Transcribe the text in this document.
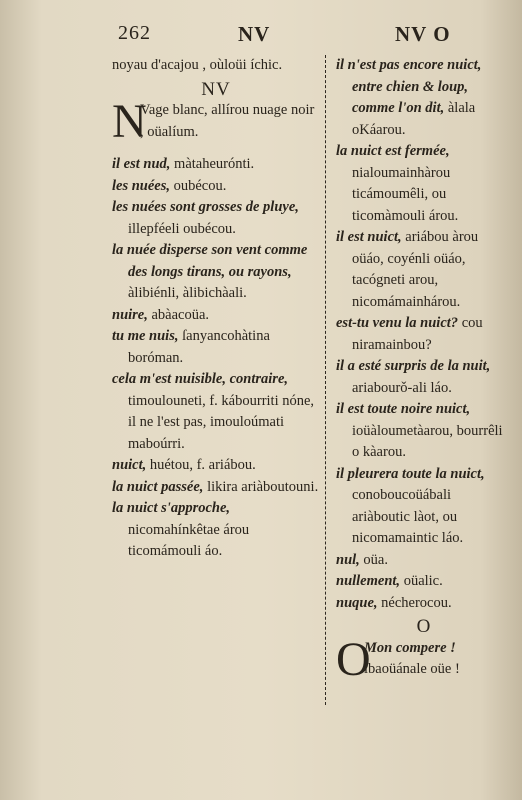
262	NV	NV O

noyau d'acajou , oùloüi íchic.

NV

N
Vage blanc, allírou nuage noir , oüalíum.

il est nud, màtaheurónti.

les nuées, oubécou.

les nuées sont grosses de pluye, illepféeli oubécou.

la nuée disperse son vent comme des longs tirans, ou rayons, àlibiénli, àlibichàali.

nuire, abàacoüa.

tu me nuis, ſanyancohàtina boróman.

cela m'est nuisible, contraire, timoulouneti, f. kábourriti nóne, il ne l'est pas, imouloúmati maboúrri.

nuict, huétou, f. ariábou.

la nuict passée, likira ariàboutouni.

la nuict s'approche, nicomahínkêtae árou ticomámouli áo.

il n'est pas encore nuict, entre chien & loup, comme l'on dit, àlala oKáarou.

la nuict est fermée, nialoumainhàrou ticámoumêli, ou ticomàmouli árou.

il est nuict, ariábou àrou oüáo, coyénli oüáo, tacógneti arou, nicomámainhárou.

est-tu venu la nuict? cou niramainbou?

il a esté surpris de la nuit, ariabourǒ-ali láo.

il est toute noire nuict, ioüàloumetàarou, bourrêli o kàarou.

il pleurera toute la nuict, conoboucoüábali ariàboutic làot, ou nicomamaintic láo.

nul, oüa.

nullement, oüalic.

nuque, nécherocou.

O

O
Mon compere ! ibaoüánale oüe !
